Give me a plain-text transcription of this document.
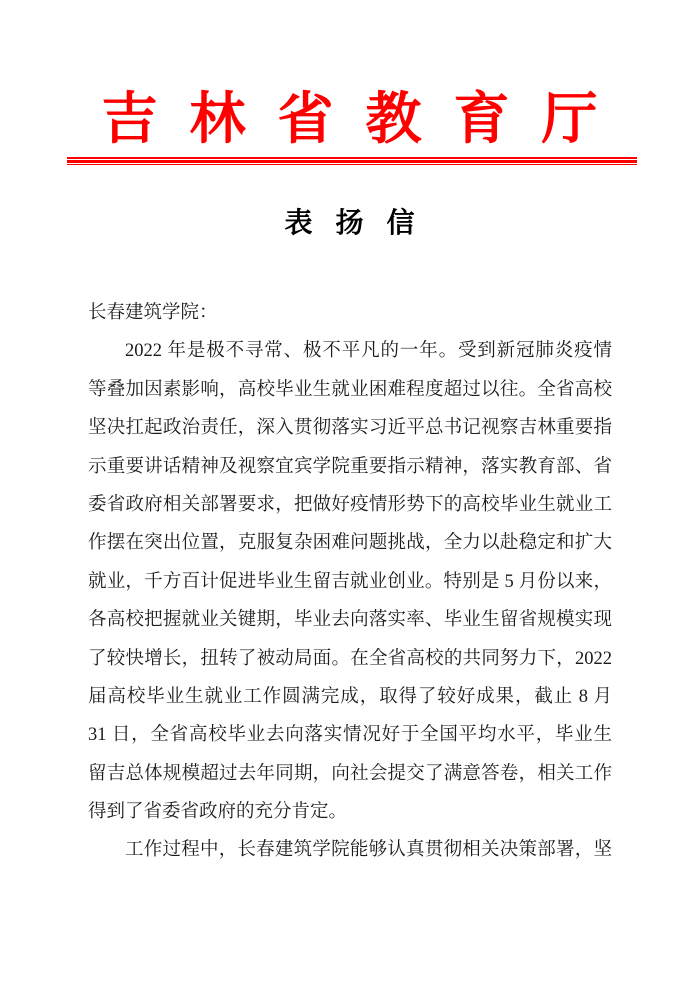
吉林省教育厅
表 扬 信
长春建筑学院：
2022 年是极不寻常、极不平凡的一年。受到新冠肺炎疫情
等叠加因素影响，高校毕业生就业困难程度超过以往。全省高校
坚决扛起政治责任，深入贯彻落实习近平总书记视察吉林重要指
示重要讲话精神及视察宜宾学院重要指示精神，落实教育部、省
委省政府相关部署要求，把做好疫情形势下的高校毕业生就业工
作摆在突出位置，克服复杂困难问题挑战，全力以赴稳定和扩大
就业，千方百计促进毕业生留吉就业创业。特别是 5 月份以来，
各高校把握就业关键期，毕业去向落实率、毕业生留省规模实现
了较快增长，扭转了被动局面。在全省高校的共同努力下，2022
届高校毕业生就业工作圆满完成，取得了较好成果，截止 8 月
31 日，全省高校毕业去向落实情况好于全国平均水平，毕业生
留吉总体规模超过去年同期，向社会提交了满意答卷，相关工作
得到了省委省政府的充分肯定。
工作过程中，长春建筑学院能够认真贯彻相关决策部署，坚
